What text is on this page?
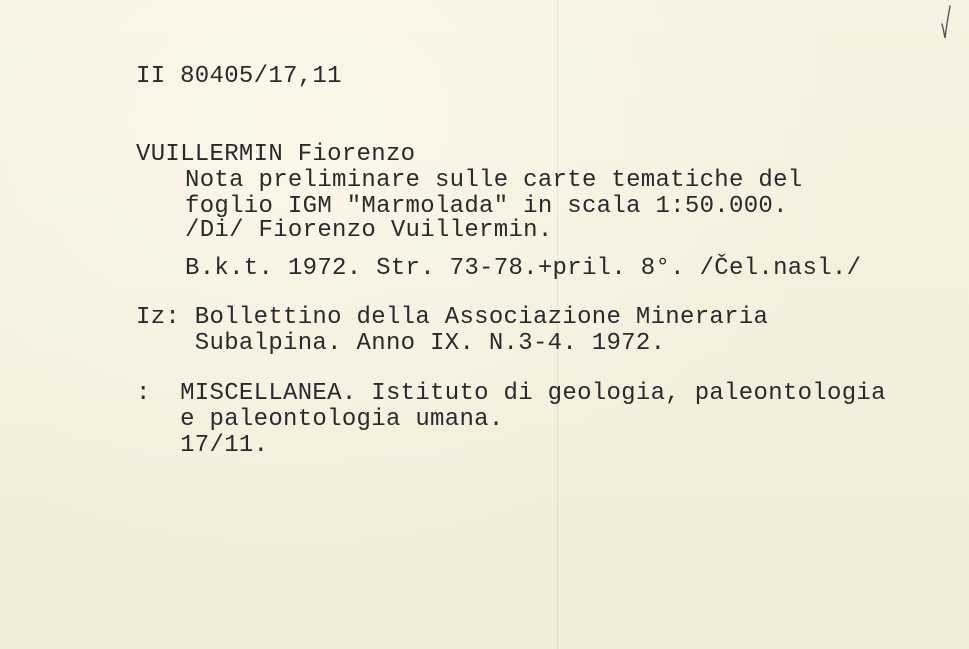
II 80405/17,11
VUILLERMIN Fiorenzo
Nota preliminare sulle carte tematiche del
foglio IGM "Marmolada" in scala 1:50.000.
/Di/ Fiorenzo Vuillermin.
B.k.t. 1972. Str. 73-78.+pril. 8°. /Čel.nasl./
Iz: Bollettino della Associazione Mineraria
Subalpina. Anno IX. N.3-4. 1972.
:  MISCELLANEA. Istituto di geologia, paleontologia
e paleontologia umana.
17/11.
